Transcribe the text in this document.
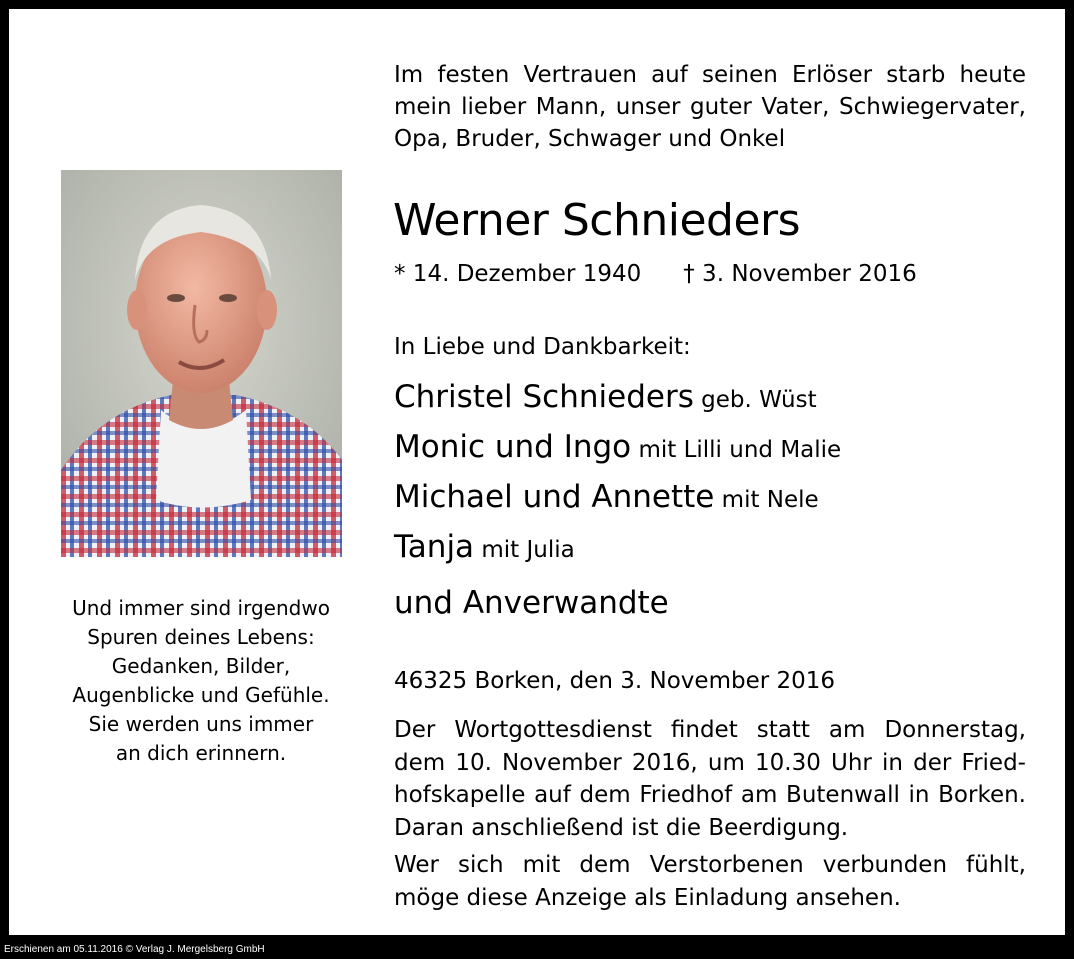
Im festen Vertrauen auf seinen Erlöser starb heute
mein lieber Mann, unser guter Vater, Schwiegervater,
Opa, Bruder, Schwager und Onkel
Werner Schnieders
* 14. Dezember 1940 † 3. November 2016
In Liebe und Dankbarkeit:
Christel Schnieders geb. Wüst
Monic und Ingo mit Lilli und Malie
Michael und Annette mit Nele
Tanja mit Julia
und Anverwandte
46325 Borken, den 3. November 2016
Der Wortgottesdienst findet statt am Donnerstag,
dem 10. November 2016, um 10.30 Uhr in der Fried-
hofskapelle auf dem Friedhof am Butenwall in Borken.
Daran anschließend ist die Beerdigung.
Wer sich mit dem Verstorbenen verbunden fühlt,
möge diese Anzeige als Einladung ansehen.
Und immer sind irgendwo
Spuren deines Lebens:
Gedanken, Bilder,
Augenblicke und Gefühle.
Sie werden uns immer
an dich erinnern.
Erschienen am 05.11.2016 © Verlag J. Mergelsberg GmbH
